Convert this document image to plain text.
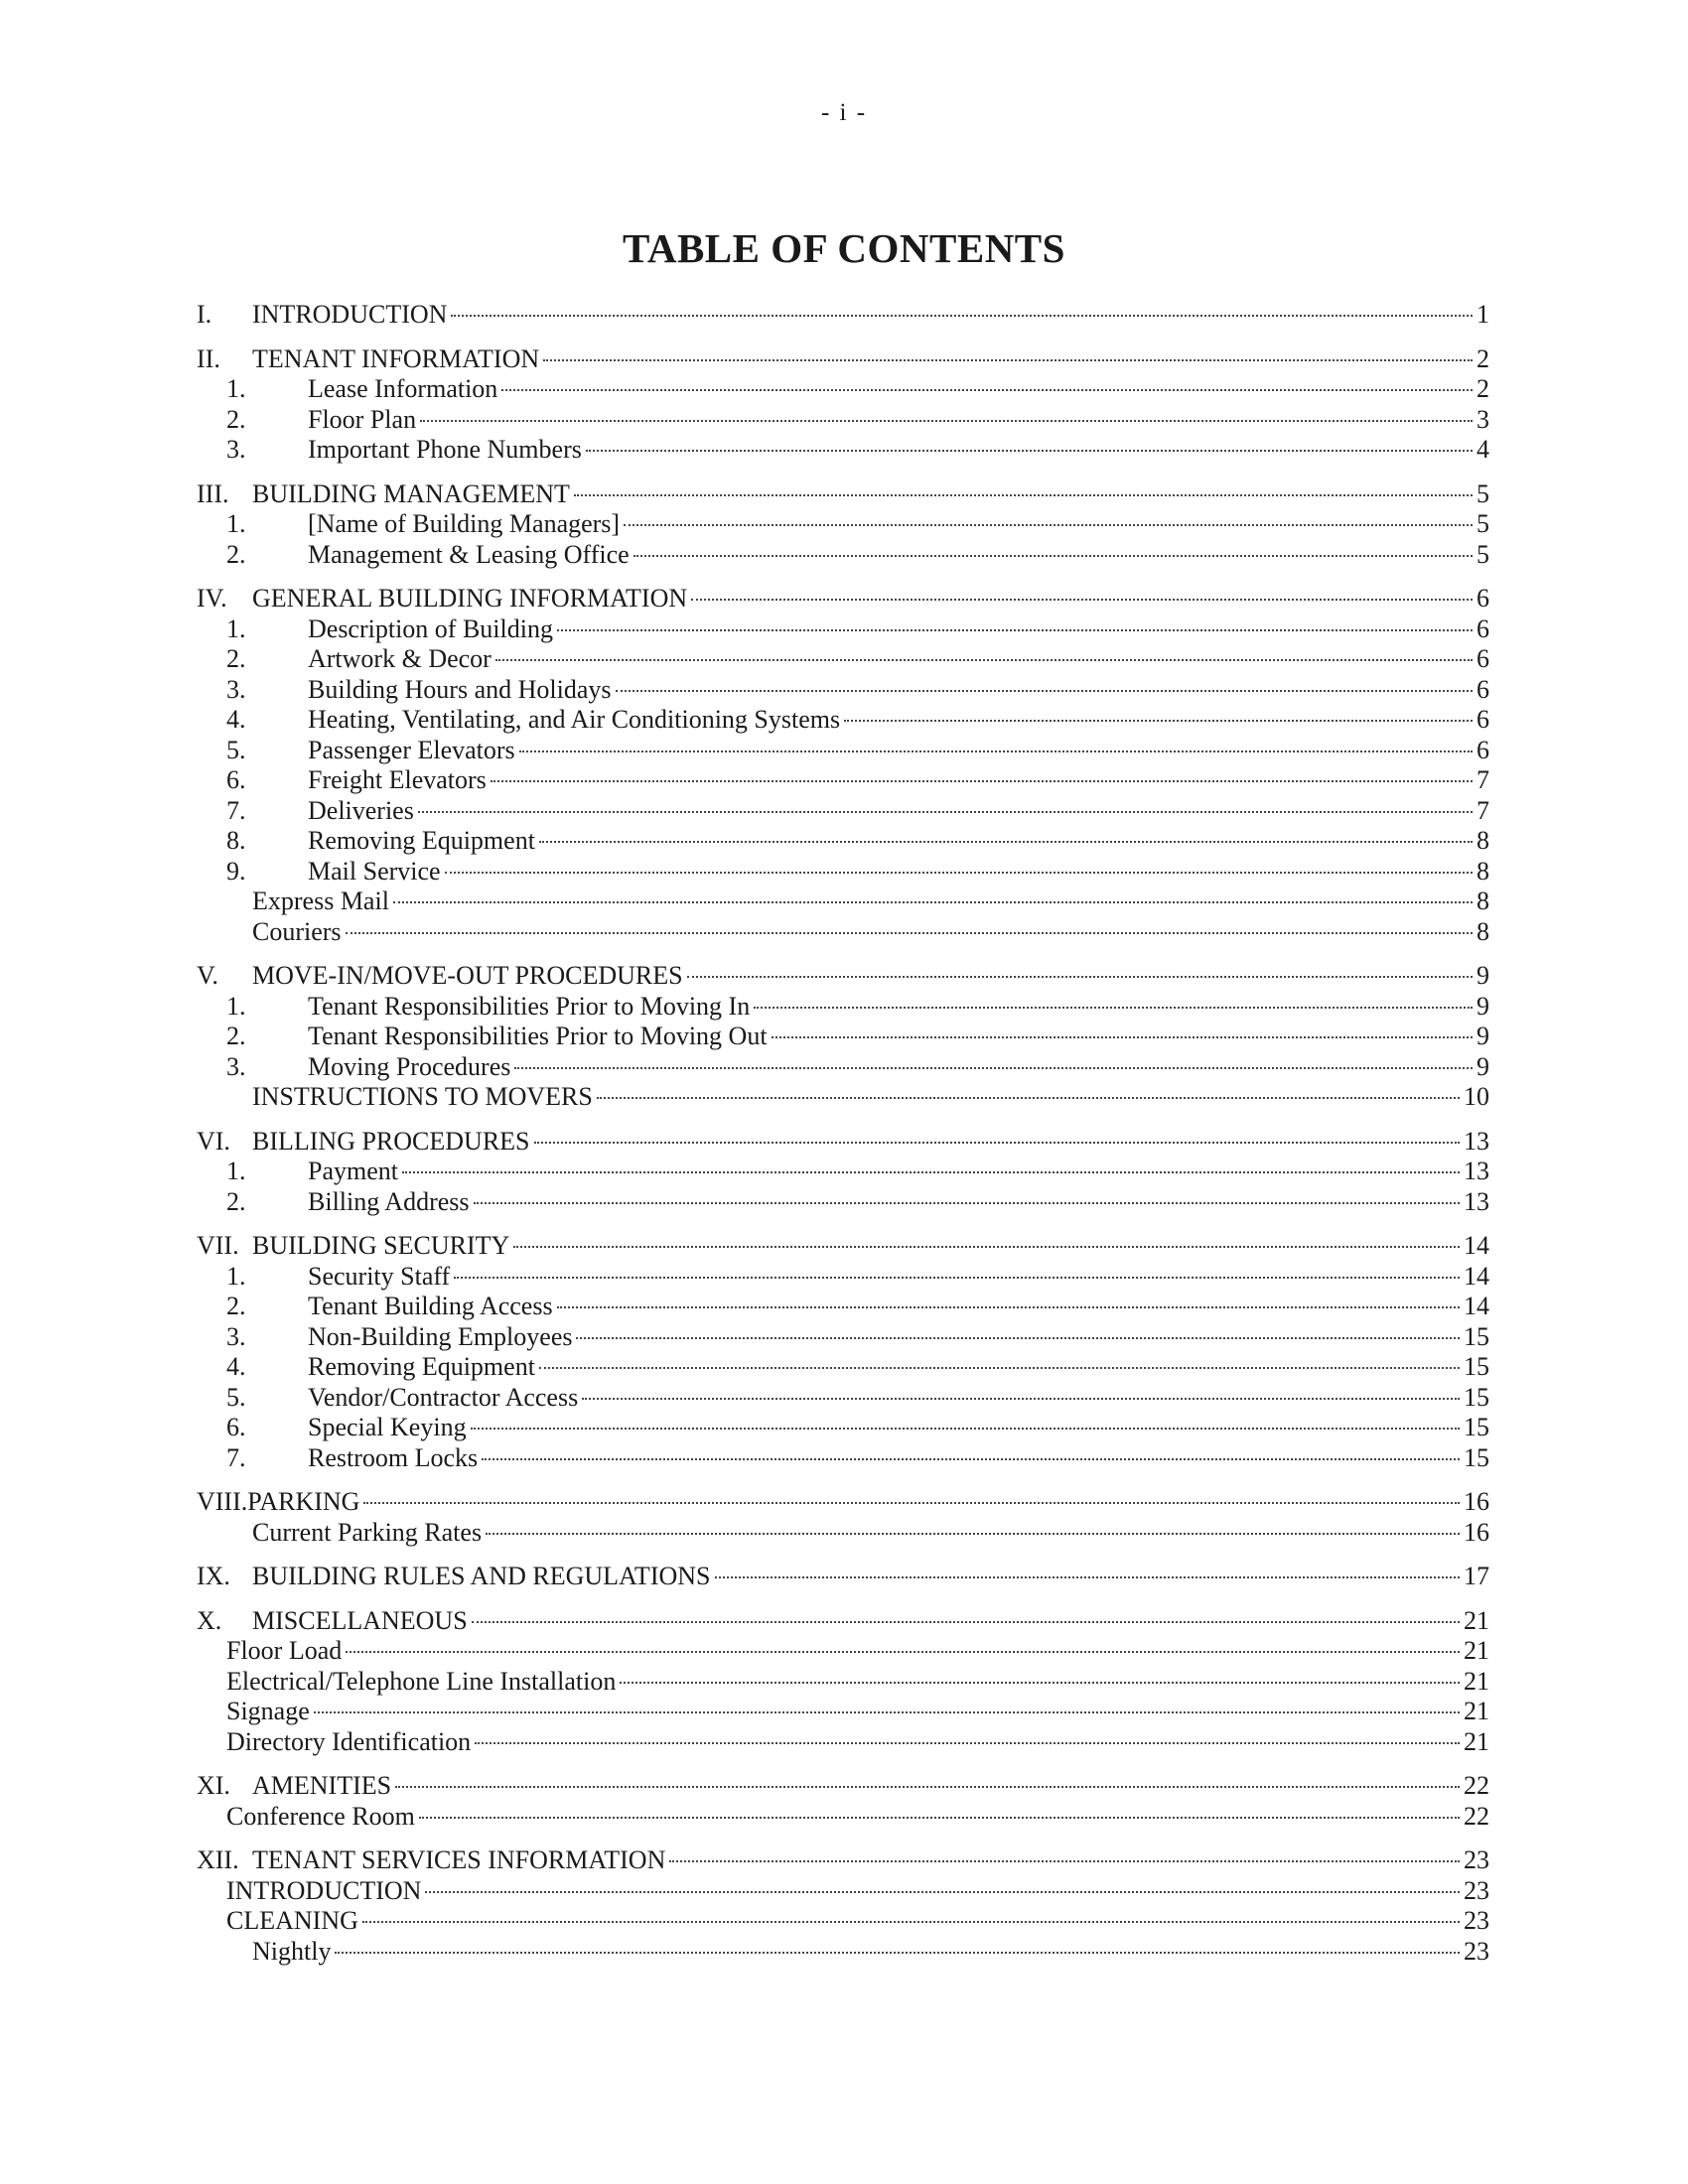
- i -
TABLE OF CONTENTS
I.	INTRODUCTION	1
II.	TENANT INFORMATION	2
1.	Lease Information	2
2.	Floor Plan	3
3.	Important Phone Numbers	4
III. BUILDING MANAGEMENT	5
1.	[Name of Building Managers]	5
2.	Management & Leasing Office	5
IV. GENERAL BUILDING INFORMATION	6
1.	Description of Building	6
2.	Artwork & Decor	6
3.	Building Hours and Holidays	6
4.	Heating, Ventilating, and Air Conditioning Systems	6
5.	Passenger Elevators	6
6.	Freight Elevators	7
7.	Deliveries	7
8.	Removing Equipment	8
9.	Mail Service	8
Express Mail	8
Couriers	8
V.	MOVE-IN/MOVE-OUT PROCEDURES	9
1.	Tenant Responsibilities Prior to Moving In	9
2.	Tenant Responsibilities Prior to Moving Out	9
3.	Moving Procedures	9
INSTRUCTIONS TO MOVERS	10
VI. BILLING PROCEDURES	13
1.	Payment	13
2.	Billing Address	13
VII. BUILDING SECURITY	14
1.	Security Staff	14
2.	Tenant Building Access	14
3.	Non-Building Employees	15
4.	Removing Equipment	15
5.	Vendor/Contractor Access	15
6.	Special Keying	15
7.	Restroom Locks	15
VIII. PARKING	16
Current Parking Rates	16
IX. BUILDING RULES AND REGULATIONS	17
X.	MISCELLANEOUS	21
Floor Load	21
Electrical/Telephone Line Installation	21
Signage	21
Directory Identification	21
XI. AMENITIES	22
Conference Room	22
XII. TENANT SERVICES INFORMATION	23
INTRODUCTION	23
CLEANING	23
Nightly	23
